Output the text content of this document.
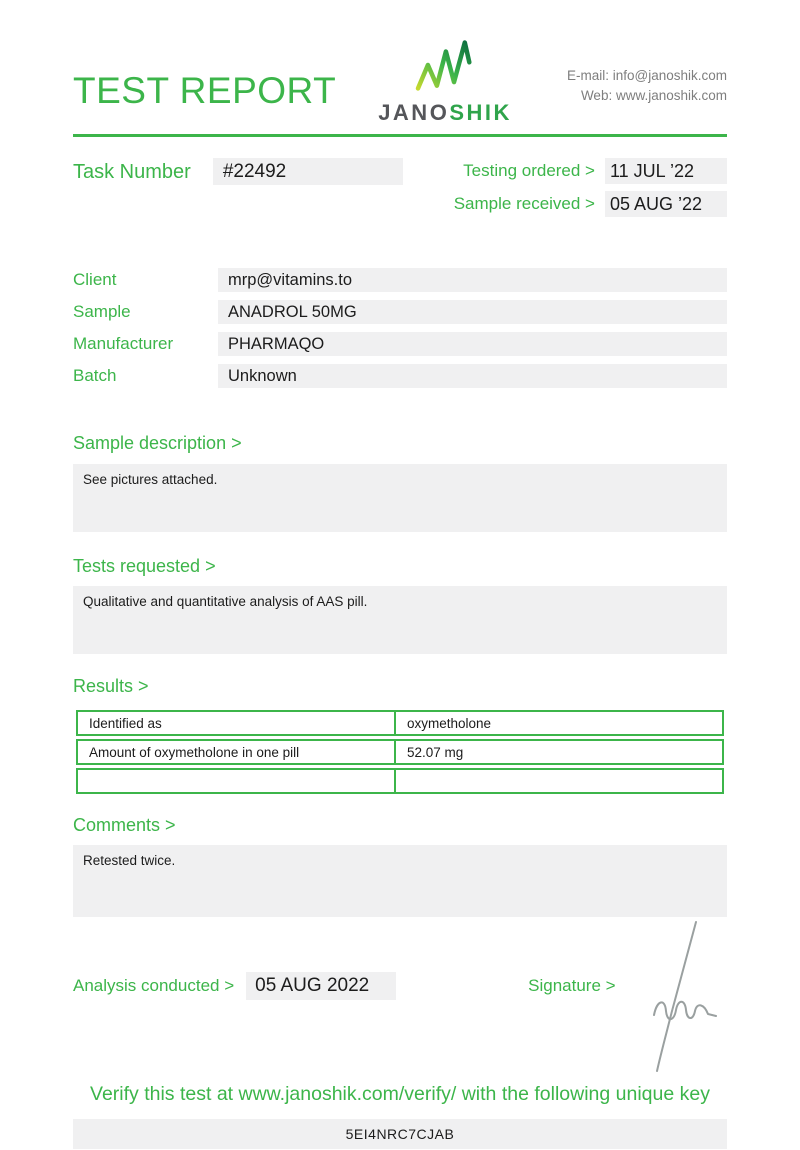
TEST REPORT
JANOSHIK
E-mail: info@janoshik.com
Web: www.janoshik.com
Task Number	#22492	Testing ordered > 11 JUL ’22
Sample received > 05 AUG ’22
Client	mrp@vitamins.to
Sample	ANADROL 50MG
Manufacturer	PHARMAQO
Batch	Unknown
Sample description >
See pictures attached.
Tests requested >
Qualitative and quantitative analysis of AAS pill.
Results >
Identified as	oxymetholone
Amount of oxymetholone in one pill	52.07 mg
Comments >
Retested twice.
Analysis conducted >	05 AUG 2022	Signature >
Verify this test at www.janoshik.com/verify/ with the following unique key
5EI4NRC7CJAB
